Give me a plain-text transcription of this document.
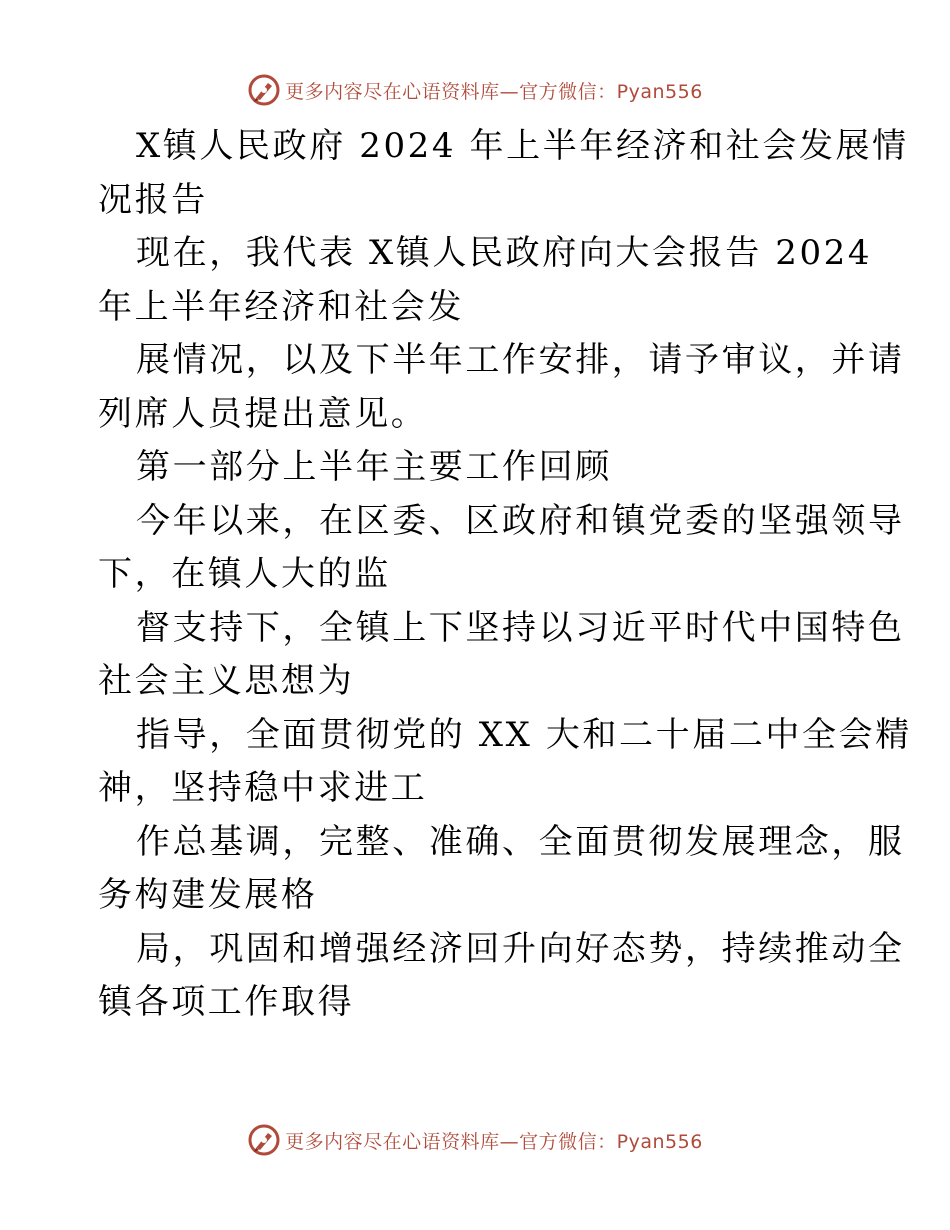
更多内容尽在心语资料库—官方微信：Pyan556
X镇人民政府 2024 年上半年经济和社会发展情
况报告
现在，我代表 X镇人民政府向大会报告 2024
年上半年经济和社会发
展情况，以及下半年工作安排，请予审议，并请
列席人员提出意见。
第一部分上半年主要工作回顾
今年以来，在区委、区政府和镇党委的坚强领导
下，在镇人大的监
督支持下，全镇上下坚持以习近平时代中国特色
社会主义思想为
指导，全面贯彻党的 XX 大和二十届二中全会精
神，坚持稳中求进工
作总基调，完整、准确、全面贯彻发展理念，服
务构建发展格
局，巩固和增强经济回升向好态势，持续推动全
镇各项工作取得
更多内容尽在心语资料库—官方微信：Pyan556
